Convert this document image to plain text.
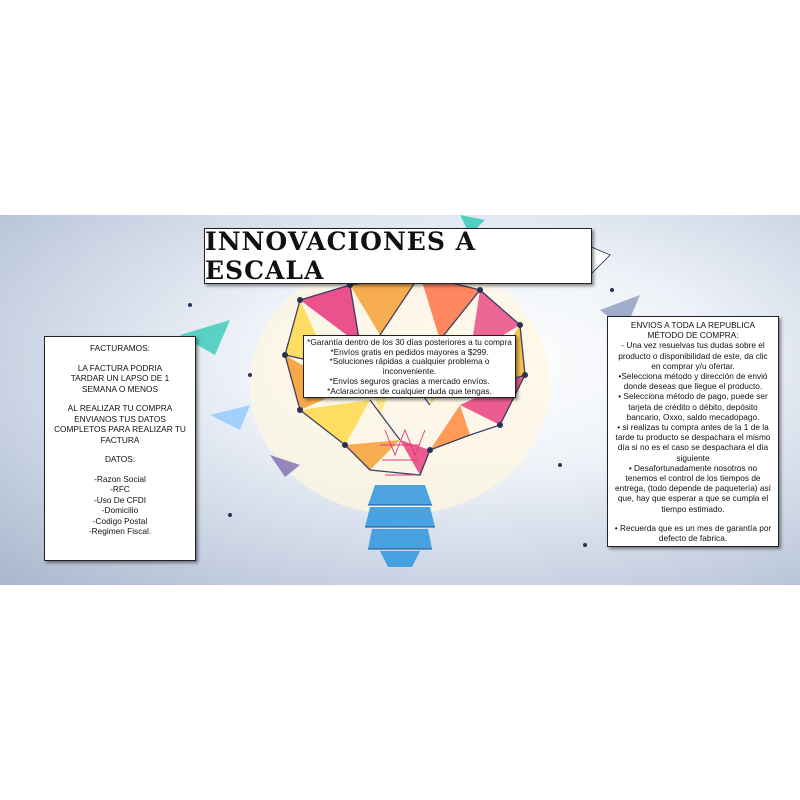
INNOVACIONES A ESCALA
FACTURAMOS:
LA FACTURA PODRIA
TARDAR UN LAPSO DE 1
SEMANA O MENOS
AL REALIZAR TU COMPRA
ENVIANOS TUS DATOS
COMPLETOS PARA REALIZAR TU
FACTURA
DATOS:
-Razon Social
-RFC
-Uso De CFDI
-Domicilio
-Codigo Postal
-Regimen Fiscal.
*Garantía dentro de los 30 días posteriores a tu compra
*Envíos gratis en pedidos mayores a $299.
*Soluciones rápidas a cualquier problema o inconveniente.
*Envíos seguros gracias a mercado envíos.
*Aclaraciones de cualquier duda que tengas.
ENVIOS A TODA LA REPUBLICA
MÉTODO DE COMPRA:
- Una vez resuelvas tus dudas sobre el producto o disponibilidad de este, da clic en comprar y/u ofertar.
•Selecciona método y dirección de envió donde deseas que llegue el producto.
• Selecciona método de pago, puede ser tarjeta de crédito o débito, depósito bancario, Oxxo, saldo mecadopago.
• si realizas tu compra antes de la 1 de la tarde tu producto se despachara el mismo día si no es el caso se despachara el día siguiente
• Desafortunadamente nosotros no tenemos el control de los tiempos de entrega, (todo depende de paquetería) así que, hay que esperar a que se cumpla el tiempo estimado.
• Recuerda que es un mes de garantía por defecto de fabrica.
